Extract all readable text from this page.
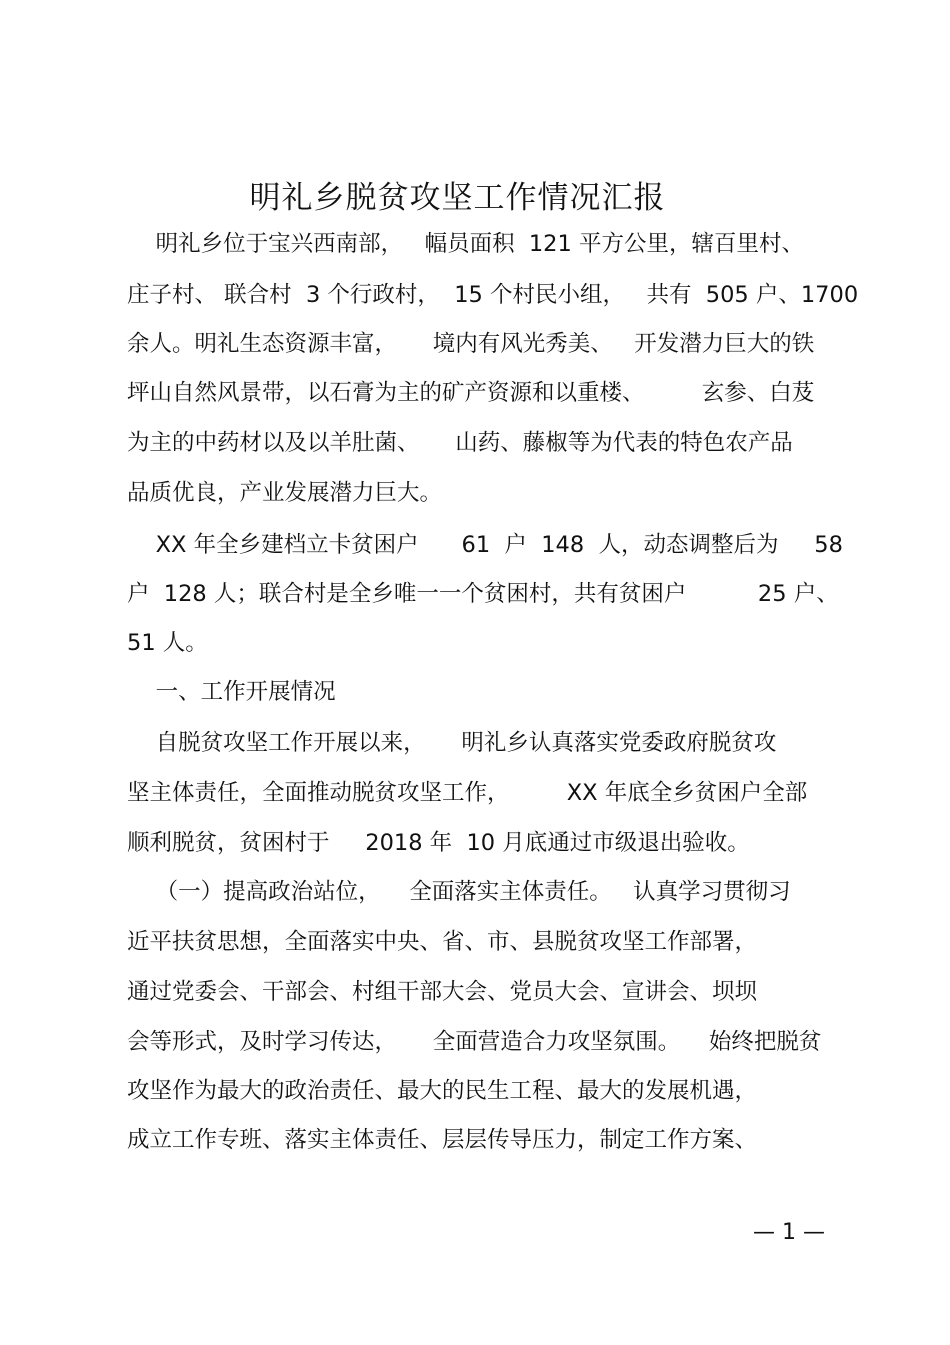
明礼乡脱贫攻坚工作情况汇报
明礼乡位于宝兴西南部，   幅员面积  121 平方公里，辖百里村、
庄子村、 联合村  3 个行政村，  15 个村民小组，   共有  505 户、1700
余人。明礼生态资源丰富，     境内有风光秀美、   开发潜力巨大的铁
坪山自然风景带，以石膏为主的矿产资源和以重楼、        玄参、白芨
为主的中药材以及以羊肚菌、     山药、藤椒等为代表的特色农产品
品质优良，产业发展潜力巨大。
XX 年全乡建档立卡贫困户      61  户  148  人，动态调整后为     58
户  128 人；联合村是全乡唯一一个贫困村，共有贫困户          25 户、
51 人。
一、工作开展情况
自脱贫攻坚工作开展以来，     明礼乡认真落实党委政府脱贫攻
坚主体责任，全面推动脱贫攻坚工作，        XX 年底全乡贫困户全部
顺利脱贫，贫困村于     2018 年  10 月底通过市级退出验收。
（一）提高政治站位，    全面落实主体责任。   认真学习贯彻习
近平扶贫思想，全面落实中央、省、市、县脱贫攻坚工作部署，
通过党委会、干部会、村组干部大会、党员大会、宣讲会、坝坝
会等形式，及时学习传达，     全面营造合力攻坚氛围。    始终把脱贫
攻坚作为最大的政治责任、最大的民生工程、最大的发展机遇，
成立工作专班、落实主体责任、层层传导压力，制定工作方案、
— 1 —
